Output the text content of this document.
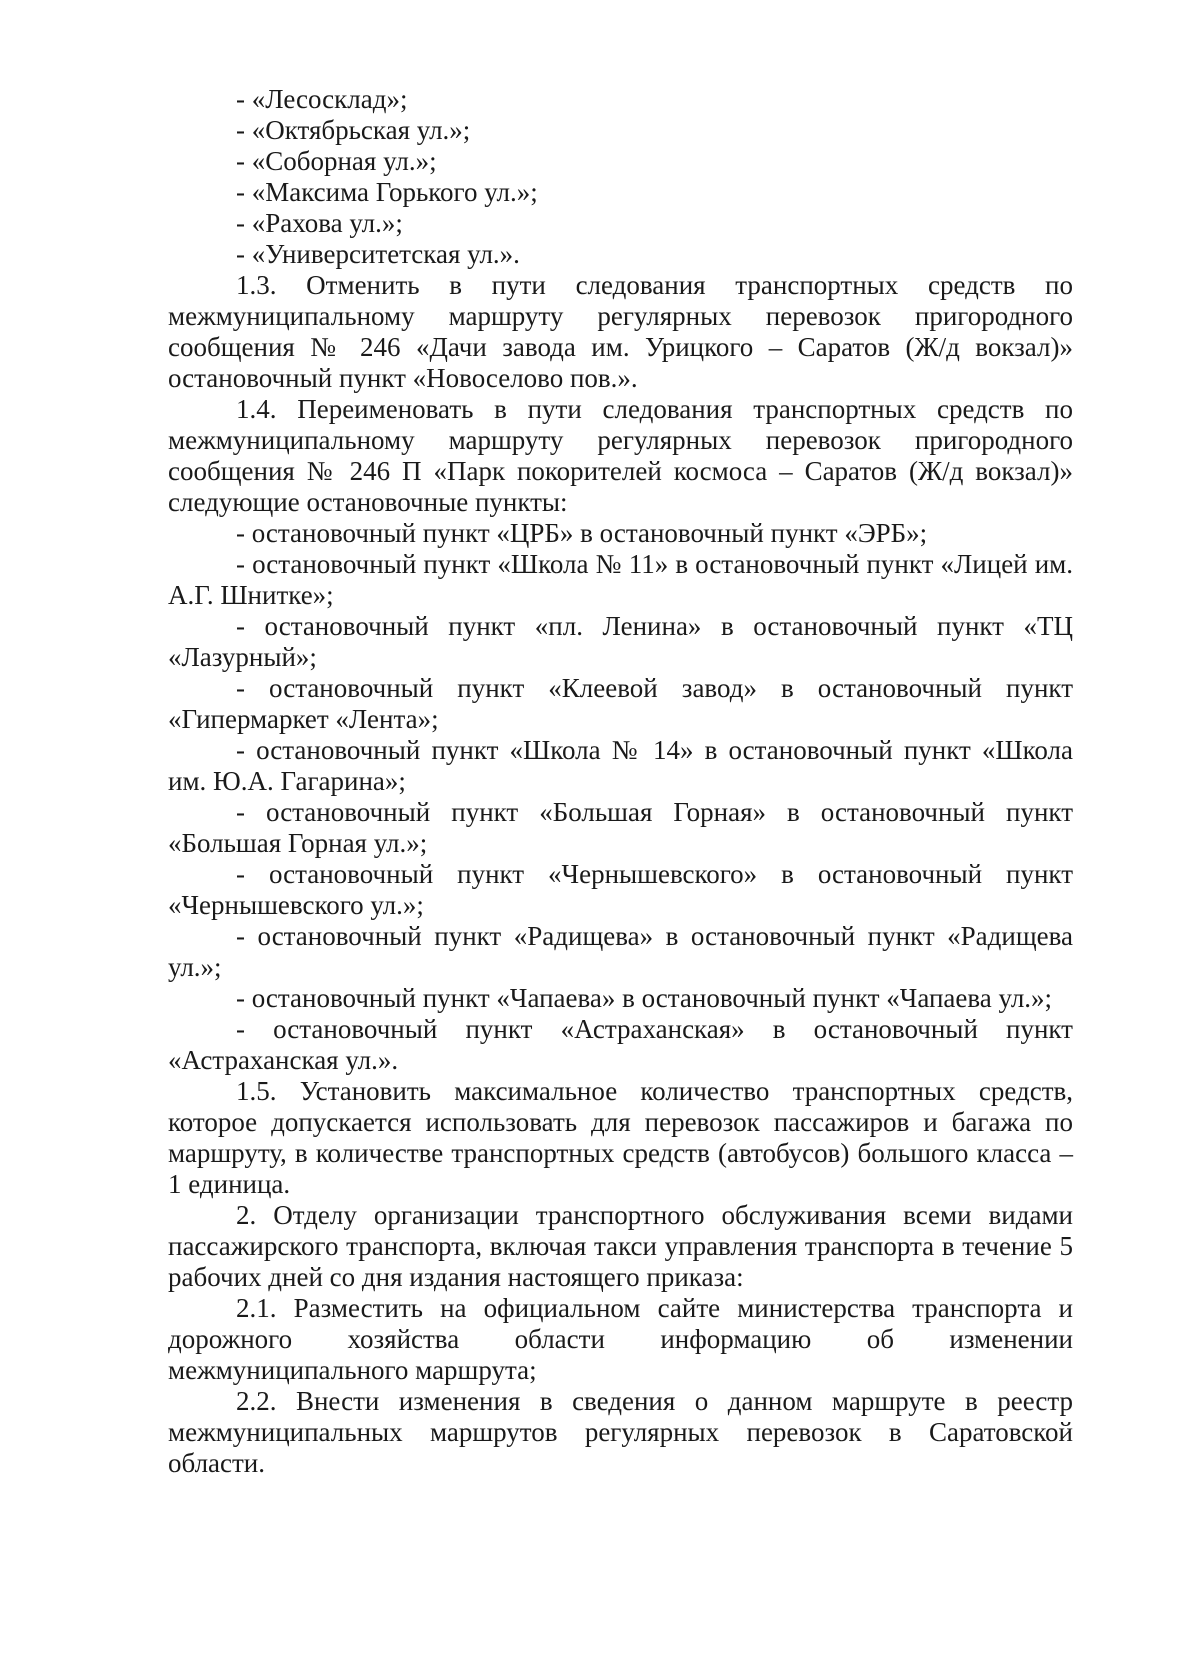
- «Лесосклад»;
- «Октябрьская ул.»;
- «Соборная ул.»;
- «Максима Горького ул.»;
- «Рахова ул.»;
- «Университетская ул.».

1.3. Отменить в пути следования транспортных средств по межмуниципальному маршруту регулярных перевозок пригородного сообщения № 246 «Дачи завода им. Урицкого – Саратов (Ж/д вокзал)» остановочный пункт «Новоселово пов.».

1.4. Переименовать в пути следования транспортных средств по межмуниципальному маршруту регулярных перевозок пригородного сообщения № 246 П «Парк покорителей космоса – Саратов (Ж/д вокзал)» следующие остановочные пункты:

- остановочный пункт «ЦРБ» в остановочный пункт «ЭРБ»;

- остановочный пункт «Школа № 11» в остановочный пункт «Лицей им. А.Г. Шнитке»;

- остановочный пункт «пл. Ленина» в остановочный пункт «ТЦ «Лазурный»;

- остановочный пункт «Клеевой завод» в остановочный пункт «Гипермаркет «Лента»;

- остановочный пункт «Школа № 14» в остановочный пункт «Школа им. Ю.А. Гагарина»;

- остановочный пункт «Большая Горная» в остановочный пункт «Большая Горная ул.»;

- остановочный пункт «Чернышевского» в остановочный пункт «Чернышевского ул.»;

- остановочный пункт «Радищева» в остановочный пункт «Радищева ул.»;

- остановочный пункт «Чапаева» в остановочный пункт «Чапаева ул.»;

- остановочный пункт «Астраханская» в остановочный пункт «Астраханская ул.».

1.5. Установить максимальное количество транспортных средств, которое допускается использовать для перевозок пассажиров и багажа по маршруту, в количестве транспортных средств (автобусов) большого класса – 1 единица.

2. Отделу организации транспортного обслуживания всеми видами пассажирского транспорта, включая такси управления транспорта в течение 5 рабочих дней со дня издания настоящего приказа:

2.1. Разместить на официальном сайте министерства транспорта и дорожного хозяйства области информацию об изменении межмуниципального маршрута;

2.2. Внести изменения в сведения о данном маршруте в реестр межмуниципальных маршрутов регулярных перевозок в Саратовской области.
